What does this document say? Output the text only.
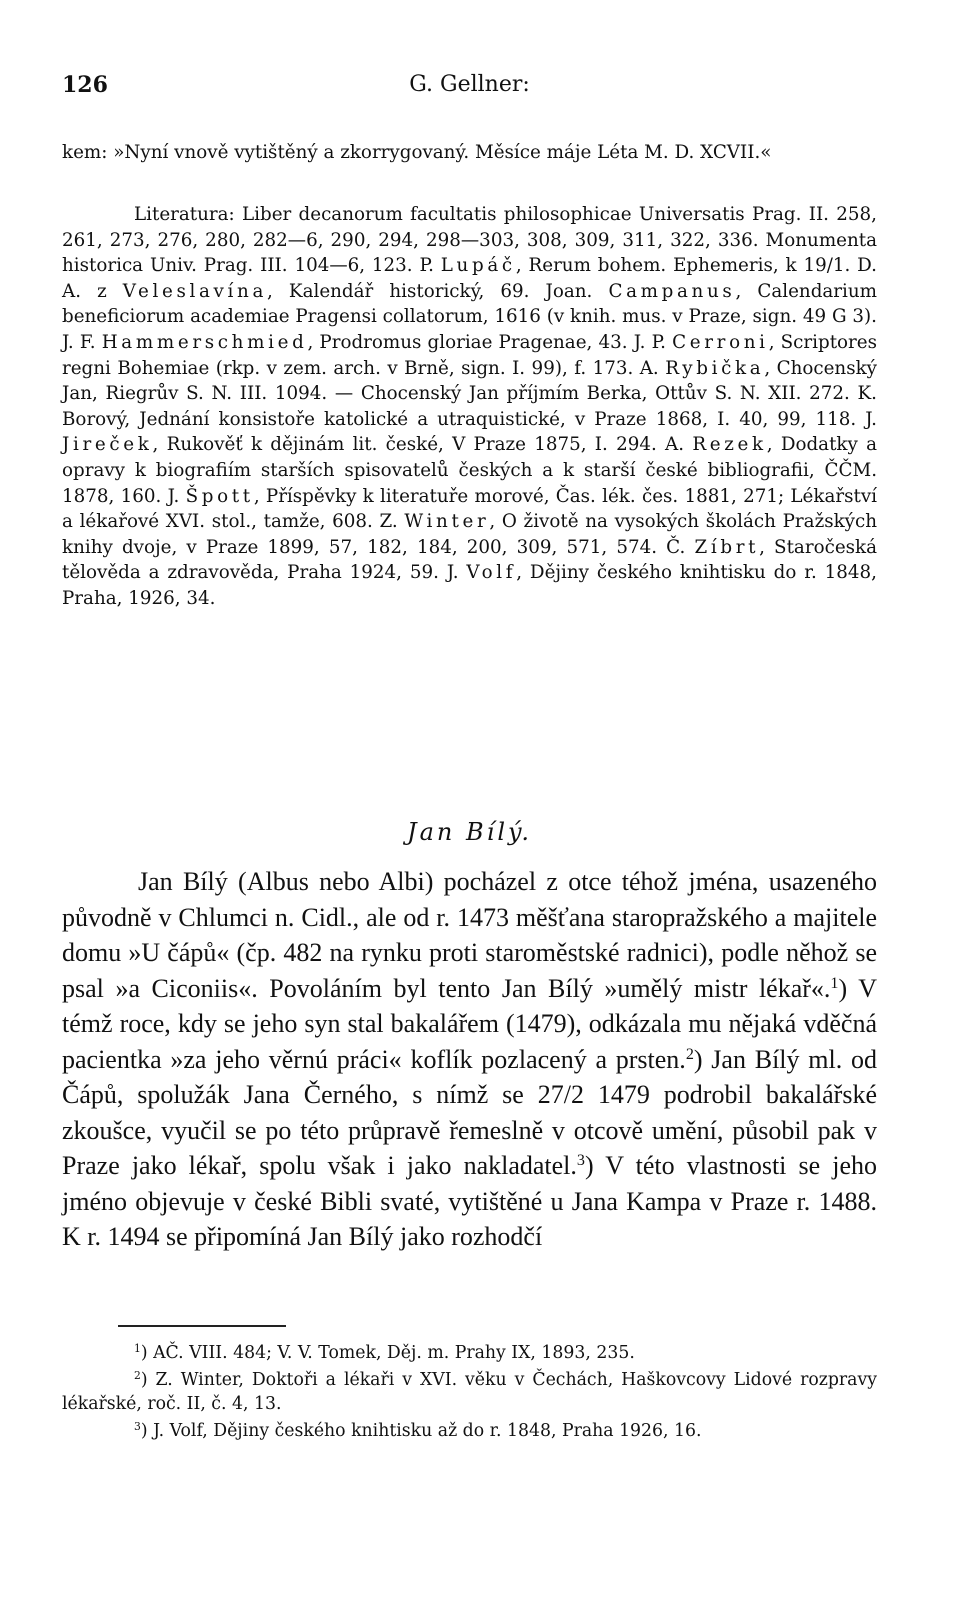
126	G. Gellner:

kem: »Nyní vnově vytištěný a zkorrygovaný. Měsíce máje Léta M. D. XCVII.«

Literatura: Liber decanorum facultatis philosophicae Universatis Prag. II. 258, 261, 273, 276, 280, 282—6, 290, 294, 298—303, 308, 309, 311, 322, 336. Monumenta historica Univ. Prag. III. 104—6, 123. P. Lupáč, Rerum bohem. Ephemeris, k 19/1. D. A. z Veleslavína, Kalendář historický, 69. Joan. Campanus, Calendarium beneficiorum academiae Pragensi collatorum, 1616 (v knih. mus. v Praze, sign. 49 G 3). J. F. Hammerschmied, Prodromus gloriae Pragenae, 43. J. P. Cerroni, Scriptores regni Bohemiae (rkp. v zem. arch. v Brně, sign. I. 99), f. 173. A. Rybička, Chocenský Jan, Riegrův S. N. III. 1094. — Chocenský Jan příjmím Berka, Ottův S. N. XII. 272. K. Borový, Jednání konsistoře katolické a utraquistické, v Praze 1868, I. 40, 99, 118. J. Jireček, Rukověť k dějinám lit. české, V Praze 1875, I. 294. A. Rezek, Dodatky a opravy k biografiím starších spisovatelů českých a k starší české bibliografii, ČČM. 1878, 160. J. Špott, Příspěvky k literatuře morové, Čas. lék. čes. 1881, 271; Lékařství a lékařové XVI. stol., tamže, 608. Z. Winter, O životě na vysokých školách Pražských knihy dvoje, v Praze 1899, 57, 182, 184, 200, 309, 571, 574. Č. Zíbrt, Staročeská tělověda a zdravověda, Praha 1924, 59. J. Volf, Dějiny českého knihtisku do r. 1848, Praha, 1926, 34.

Jan Bílý.

Jan Bílý (Albus nebo Albi) pocházel z otce téhož jména, usazeného původně v Chlumci n. Cidl., ale od r. 1473 měšťana staropražského a majitele domu »U čápů« (čp. 482 na rynku proti staroměstské radnici), podle něhož se psal »a Ciconiis«. Povoláním byl tento Jan Bílý »umělý mistr lékař«.$^1$) V témž roce, kdy se jeho syn stal bakalářem (1479), odkázala mu nějaká vděčná pacientka »za jeho věrnú práci« koflík pozlacený a prsten.$^2$) Jan Bílý ml. od Čápů, spolužák Jana Černého, s nímž se 27/2 1479 podrobil bakalářské zkoušce, vyučil se po této průpravě řemeslně v otcově umění, působil pak v Praze jako lékař, spolu však i jako nakladatel.$^3$) V této vlastnosti se jeho jméno objevuje v české Bibli svaté, vytištěné u Jana Kampa v Praze r. 1488. K r. 1494 se připomíná Jan Bílý jako rozhodčí

$^1$) AČ. VIII. 484; V. V. Tomek, Děj. m. Prahy IX, 1893, 235.

$^2$) Z. Winter, Doktoři a lékaři v XVI. věku v Čechách, Haškovcovy Lidové rozpravy lékařské, roč. II, č. 4, 13.

$^3$) J. Volf, Dějiny českého knihtisku až do r. 1848, Praha 1926, 16.
